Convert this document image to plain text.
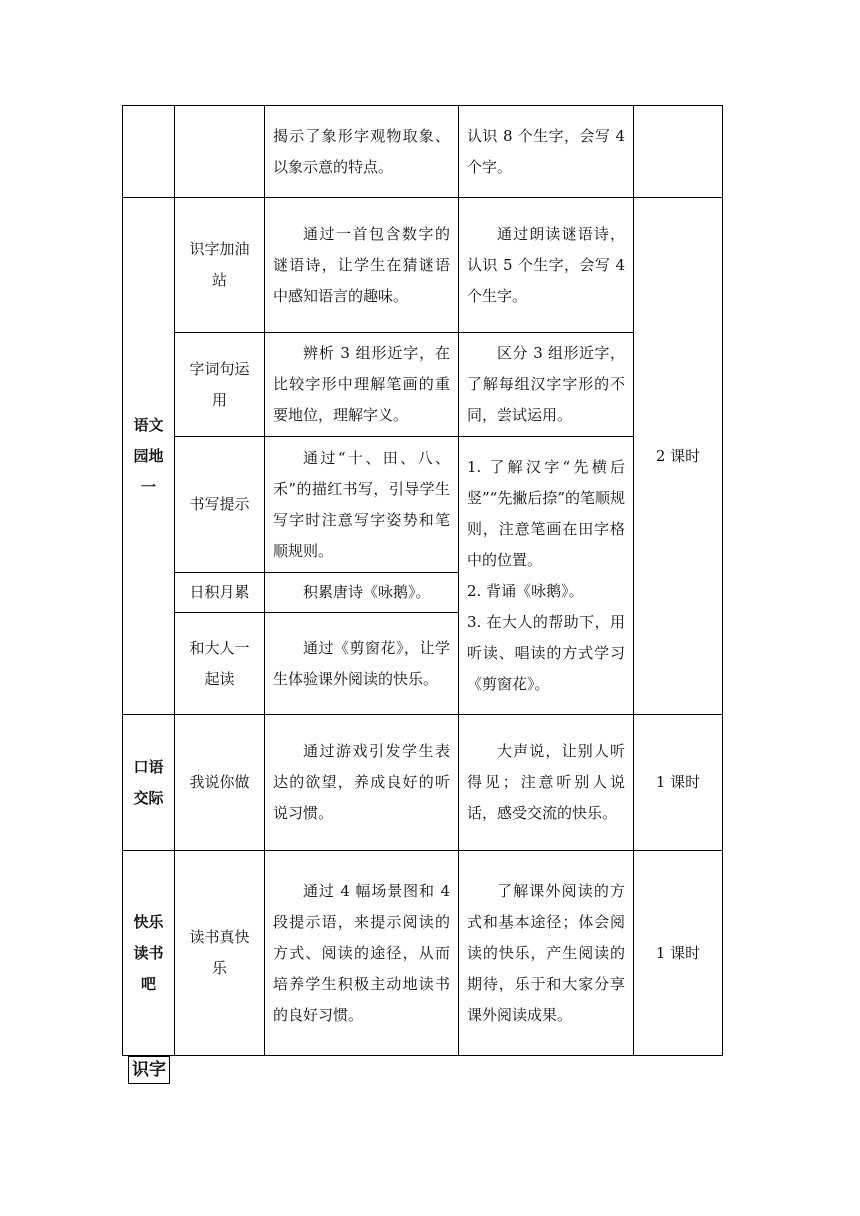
		揭示了象形字观物取象、以象示意的特点。	认识 8 个生字，会写 4 个字。	
语文园地一	识字加油站	通过一首包含数字的谜语诗，让学生在猜谜语中感知语言的趣味。	通过朗读谜语诗，认识 5 个生字，会写 4 个生字。	2 课时
	字词句运用	辨析 3 组形近字，在比较字形中理解笔画的重要地位，理解字义。	区分 3 组形近字，了解每组汉字字形的不同，尝试运用。	
	书写提示	通过“十、田、八、禾”的描红书写，引导学生写字时注意写字姿势和笔顺规则。	1. 了解汉字“先横后竖”“先撇后捺”的笔顺规则，注意笔画在田字格中的位置。
2. 背诵《咏鹅》。
3. 在大人的帮助下，用听读、唱读的方式学习《剪窗花》。	

	日积月累	积累唐诗《咏鹅》。		
	和大人一起读	通过《剪窗花》，让学生体验课外阅读的快乐。		
口语交际	我说你做	通过游戏引发学生表达的欲望，养成良好的听说习惯。	大声说，让别人听得见；注意听别人说话，感受交流的快乐。	1 课时
快乐读书吧	读书真快乐	通过 4 幅场景图和 4 段提示语，来提示阅读的方式、阅读的途径，从而培养学生积极主动地读书的良好习惯。	了解课外阅读的方式和基本途径；体会阅读的快乐，产生阅读的期待，乐于和大家分享课外阅读成果。	1 课时
识字
